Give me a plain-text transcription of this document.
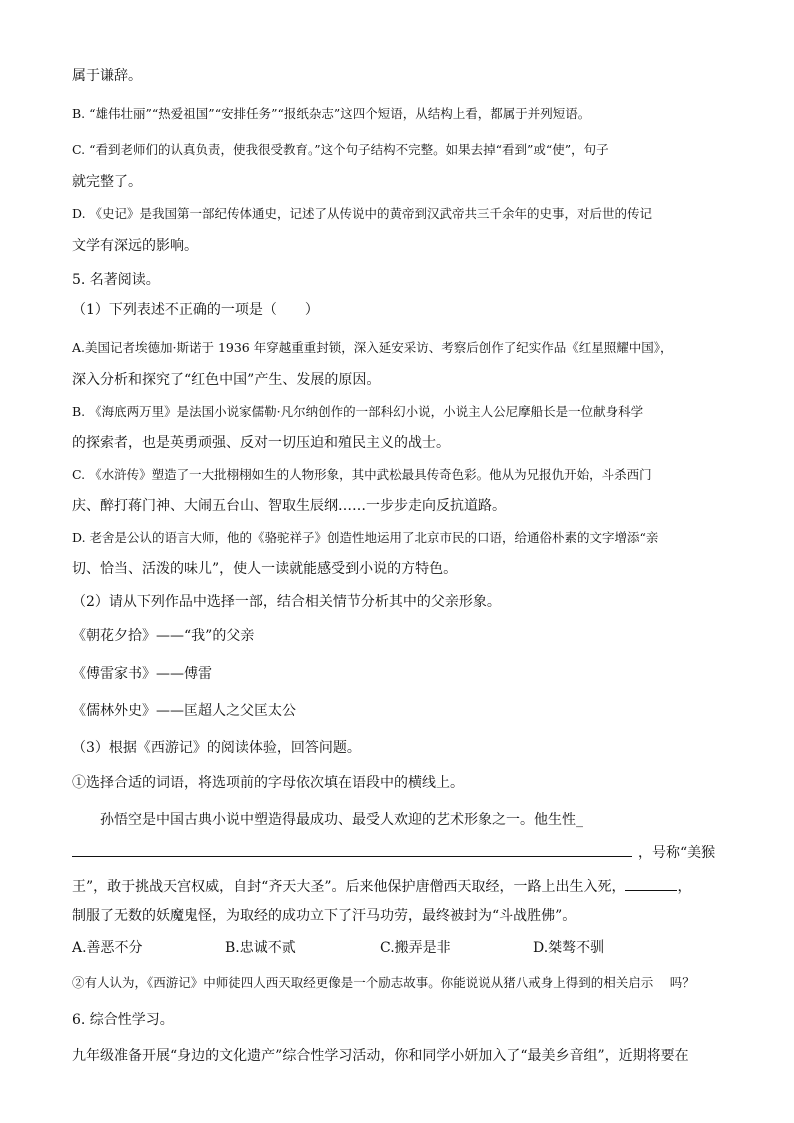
属于谦辞。
B. “雄伟壮丽”“热爱祖国”“安排任务”“报纸杂志”这四个短语，从结构上看，都属于并列短语。
C. “看到老师们的认真负责，使我很受教育。”这个句子结构不完整。如果去掉“看到”或“使”，句子
就完整了。
D. 《史记》是我国第一部纪传体通史，记述了从传说中的黄帝到汉武帝共三千余年的史事，对后世的传记
文学有深远的影响。
5. 名著阅读。
（1）下列表述不正确的一项是（　　）
A.美国记者埃德加·斯诺于 1936 年穿越重重封锁，深入延安采访、考察后创作了纪实作品《红星照耀中国》，
深入分析和探究了“红色中国”产生、发展的原因。
B. 《海底两万里》是法国小说家儒勒·凡尔纳创作的一部科幻小说，小说主人公尼摩船长是一位献身科学
的探索者，也是英勇顽强、反对一切压迫和殖民主义的战士。
C. 《水浒传》塑造了一大批栩栩如生的人物形象，其中武松最具传奇色彩。他从为兄报仇开始，斗杀西门
庆、醉打蒋门神、大闹五台山、智取生辰纲……一步步走向反抗道路。
D. 老舍是公认的语言大师，他的《骆驼祥子》创造性地运用了北京市民的口语，给通俗朴素的文字增添“亲
切、恰当、活泼的味儿”，使人一读就能感受到小说的方特色。
（2）请从下列作品中选择一部，结合相关情节分析其中的父亲形象。
《朝花夕拾》——“我”的父亲
《傅雷家书》——傅雷
《儒林外史》——匡超人之父匡太公
（3）根据《西游记》的阅读体验，回答问题。
①选择合适的词语，将选项前的字母依次填在语段中的横线上。
孙悟空是中国古典小说中塑造得最成功、最受人欢迎的艺术形象之一。他生性_
，号称“美猴
王”，敢于挑战天宫权威，自封“齐天大圣”。后来他保护唐僧西天取经，一路上出生入死，	，
制服了无数的妖魔鬼怪，为取经的成功立下了汗马功劳，最终被封为“斗战胜佛”。
A.善恶不分	B.忠诚不贰	C.搬弄是非	D.桀骜不驯
②有人认为，《西游记》中师徒四人西天取经更像是一个励志故事。你能说说从猪八戒身上得到的相关启示　 吗？
6. 综合性学习。
九年级准备开展“身边的文化遗产”综合性学习活动，你和同学小妍加入了“最美乡音组”，近期将要在
